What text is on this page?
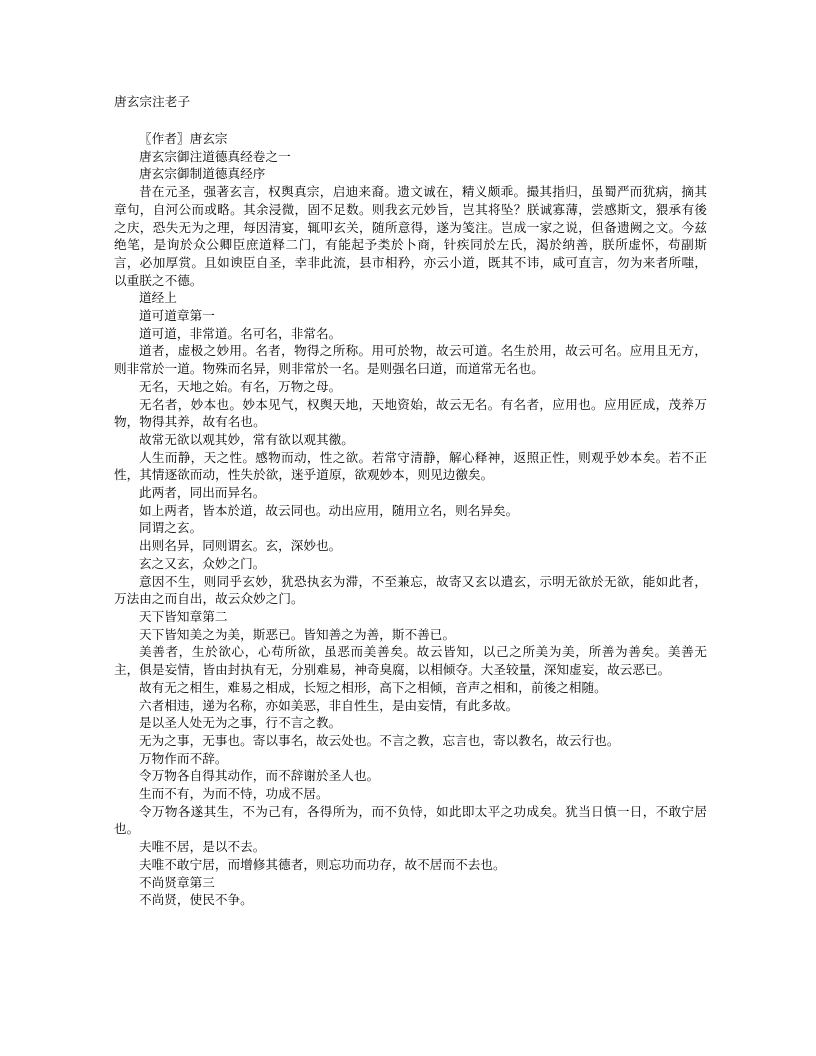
唐玄宗注老子
〖作者〗唐玄宗
唐玄宗御注道德真经卷之一
唐玄宗御制道德真经序
昔在元圣，强著玄言，权舆真宗，启迪来裔。遗文诚在，精义颇乖。撮其指归，虽蜀严而犹病，摘其章句，自河公而或略。其余浸微，固不足数。则我玄元妙旨，岂其将坠？朕诚寡薄，尝感斯文，猥承有後之庆，恐失无为之理，每因清宴，辄叩玄关，随所意得，遂为笺注。岂成一家之说，但备遗阙之文。今兹绝笔，是询於众公卿臣庶道释二门，有能起予类於卜商，针疾同於左氏，渴於纳善，朕所虚怀，苟副斯言，必加厚赏。且如谀臣自圣，幸非此流，县市相矜，亦云小道，既其不讳，咸可直言，勿为来者所嗤，以重朕之不德。
道经上
道可道章第一
道可道，非常道。名可名，非常名。
道者，虚极之妙用。名者，物得之所称。用可於物，故云可道。名生於用，故云可名。应用且无方，则非常於一道。物殊而名异，则非常於一名。是则强名曰道，而道常无名也。
无名，天地之始。有名，万物之母。
无名者，妙本也。妙本见气，权舆天地，天地资始，故云无名。有名者，应用也。应用匠成，茂养万物，物得其养，故有名也。
故常无欲以观其妙，常有欲以观其徼。
人生而静，天之性。感物而动，性之欲。若常守清静，解心释神，返照正性，则观乎妙本矣。若不正性，其情逐欲而动，性失於欲，迷乎道原，欲观妙本，则见边徼矣。
此两者，同出而异名。
如上两者，皆本於道，故云同也。动出应用，随用立名，则名异矣。
同谓之玄。
出则名异，同则谓玄。玄，深妙也。
玄之又玄，众妙之门。
意因不生，则同乎玄妙，犹恐执玄为滞，不至兼忘，故寄又玄以遣玄，示明无欲於无欲，能如此者，万法由之而自出，故云众妙之门。
天下皆知章第二
天下皆知美之为美，斯恶已。皆知善之为善，斯不善已。
美善者，生於欲心，心苟所欲，虽恶而美善矣。故云皆知，以己之所美为美，所善为善矣。美善无主，俱是妄情，皆由封执有无，分别难易，神奇臭腐，以相倾夺。大圣较量，深知虚妄，故云恶已。
故有无之相生，难易之相成，长短之相形，高下之相倾，音声之相和，前後之相随。
六者相违，递为名称，亦如美恶，非自性生，是由妄情，有此多故。
是以圣人处无为之事，行不言之教。
无为之事，无事也。寄以事名，故云处也。不言之教，忘言也，寄以教名，故云行也。
万物作而不辞。
令万物各自得其动作，而不辞谢於圣人也。
生而不有，为而不恃，功成不居。
令万物各遂其生，不为己有，各得所为，而不负恃，如此即太平之功成矣。犹当日慎一日，不敢宁居也。
夫唯不居，是以不去。
夫唯不敢宁居，而增修其德者，则忘功而功存，故不居而不去也。
不尚贤章第三
不尚贤，使民不争。
